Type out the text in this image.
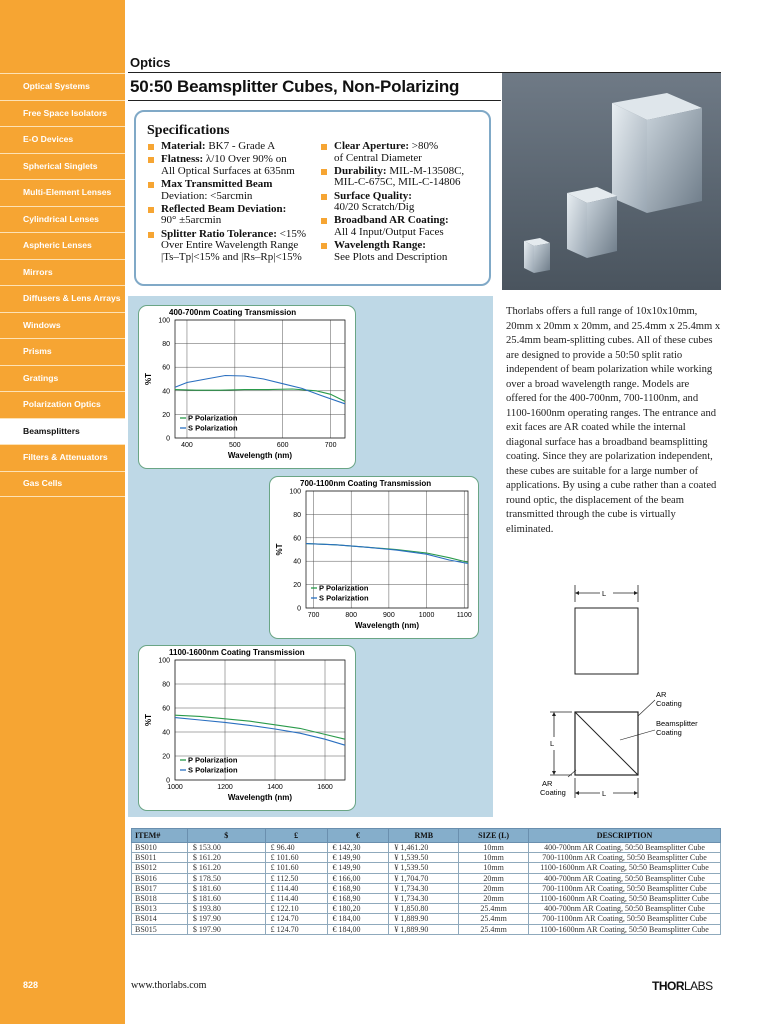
Optical Systems
Free Space Isolators
E-O Devices
Spherical Singlets
Multi-Element Lenses
Cylindrical Lenses
Aspheric Lenses
Mirrors
Diffusers & Lens Arrays
Windows
Prisms
Gratings
Polarization Optics
Beamsplitters
Filters & Attenuators
Gas Cells
828
Optics
50:50 Beamsplitter Cubes, Non-Polarizing
Specifications
Material: BK7 - Grade A
Flatness: λ/10 Over 90% on
All Optical Surfaces at 635nm
Max Transmitted Beam
Deviation: <5arcmin
Reflected Beam Deviation:
90° ±5arcmin
Splitter Ratio Tolerance: <15%
Over Entire Wavelength Range
|Ts–Tp|<15% and |Rs–Rp|<15%
Clear Aperture: >80%
of Central Diameter
Durability: MIL-M-13508C,
MIL-C-675C, MIL-C-14806
Surface Quality:
40/20 Scratch/Dig
Broadband AR Coating:
All 4 Input/Output Faces
Wavelength Range:
See Plots and Description
400-700nm Coating Transmission
0
20
40
60
80
100
400	500	600	700
Wavelength (nm)
%T
P Polarization
S Polarization
700-1100nm Coating Transmission
0
20
40
60
80
100
700	800	900	1000	1100
Wavelength (nm)
%T
P Polarization
S Polarization
1100-1600nm Coating Transmission
0
20
40
60
80
100
1000	1200	1400	1600
Wavelength (nm)
%T
P Polarization
S Polarization

Thorlabs offers a full range of 10x10x10mm, 20mm x 20mm x 20mm, and 25.4mm x 25.4mm x 25.4mm beam-splitting cubes. All of these cubes are designed to provide a 50:50 split ratio independent of beam polarization while working over a broad wavelength range. Models are offered for the 400-700nm, 700-1100nm, and 1100-1600nm operating ranges. The entrance and exit faces are AR coated while the internal diagonal surface has a broadband beamsplitting coating. Since they are polarization independent, these cubes are suitable for a large number of applications. By using a cube rather than a coated round optic, the displacement of the beam transmitted through the cube is virtually eliminated.

L
L
L
AR Coating
Beamsplitter Coating
AR Coating
ITEM#	$	£	€	RMB	SIZE (L)	DESCRIPTION
BS010	$ 153.00	£ 96.40	€ 142,30	¥ 1,461.20	10mm	400-700nm AR Coating, 50:50 Beamsplitter Cube
BS011	$ 161.20	£ 101.60	€ 149,90	¥ 1,539.50	10mm	700-1100nm AR Coating, 50:50 Beamsplitter Cube
BS012	$ 161.20	£ 101.60	€ 149,90	¥ 1,539.50	10mm	1100-1600nm AR Coating, 50:50 Beamsplitter Cube
BS016	$ 178.50	£ 112.50	€ 166,00	¥ 1,704.70	20mm	400-700nm AR Coating, 50:50 Beamsplitter Cube
BS017	$ 181.60	£ 114.40	€ 168,90	¥ 1,734.30	20mm	700-1100nm AR Coating, 50:50 Beamsplitter Cube
BS018	$ 181.60	£ 114.40	€ 168,90	¥ 1,734.30	20mm	1100-1600nm AR Coating, 50:50 Beamsplitter Cube
BS013	$ 193.80	£ 122.10	€ 180,20	¥ 1,850.80	25.4mm	400-700nm AR Coating, 50:50 Beamsplitter Cube
BS014	$ 197.90	£ 124.70	€ 184,00	¥ 1,889.90	25.4mm	700-1100nm AR Coating, 50:50 Beamsplitter Cube
BS015	$ 197.90	£ 124.70	€ 184,00	¥ 1,889.90	25.4mm	1100-1600nm AR Coating, 50:50 Beamsplitter Cube
www.thorlabs.com	THORLABS
